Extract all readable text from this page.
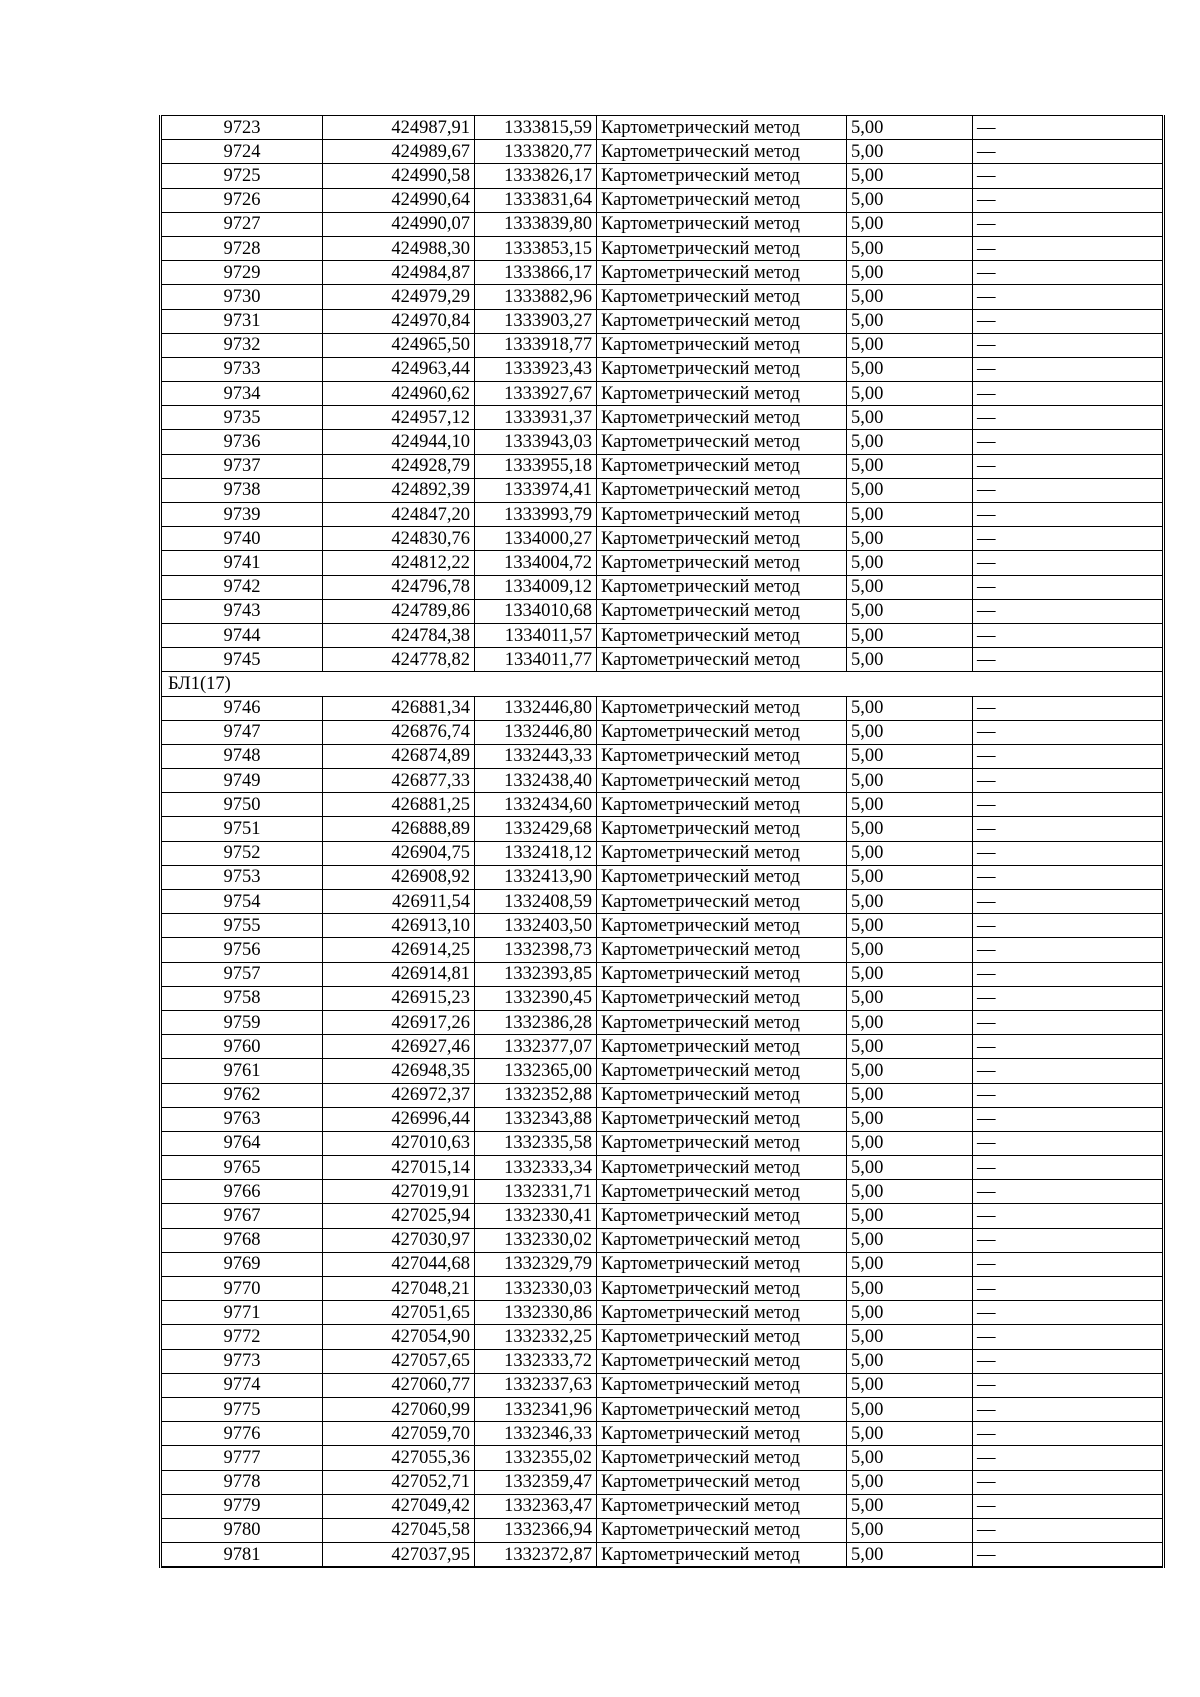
9723	424987,91	1333815,59	Картометрический метод	5,00	—
9724	424989,67	1333820,77	Картометрический метод	5,00	—
9725	424990,58	1333826,17	Картометрический метод	5,00	—
9726	424990,64	1333831,64	Картометрический метод	5,00	—
9727	424990,07	1333839,80	Картометрический метод	5,00	—
9728	424988,30	1333853,15	Картометрический метод	5,00	—
9729	424984,87	1333866,17	Картометрический метод	5,00	—
9730	424979,29	1333882,96	Картометрический метод	5,00	—
9731	424970,84	1333903,27	Картометрический метод	5,00	—
9732	424965,50	1333918,77	Картометрический метод	5,00	—
9733	424963,44	1333923,43	Картометрический метод	5,00	—
9734	424960,62	1333927,67	Картометрический метод	5,00	—
9735	424957,12	1333931,37	Картометрический метод	5,00	—
9736	424944,10	1333943,03	Картометрический метод	5,00	—
9737	424928,79	1333955,18	Картометрический метод	5,00	—
9738	424892,39	1333974,41	Картометрический метод	5,00	—
9739	424847,20	1333993,79	Картометрический метод	5,00	—
9740	424830,76	1334000,27	Картометрический метод	5,00	—
9741	424812,22	1334004,72	Картометрический метод	5,00	—
9742	424796,78	1334009,12	Картометрический метод	5,00	—
9743	424789,86	1334010,68	Картометрический метод	5,00	—
9744	424784,38	1334011,57	Картометрический метод	5,00	—
9745	424778,82	1334011,77	Картометрический метод	5,00	—
БЛ1(17)					
9746	426881,34	1332446,80	Картометрический метод	5,00	—
9747	426876,74	1332446,80	Картометрический метод	5,00	—
9748	426874,89	1332443,33	Картометрический метод	5,00	—
9749	426877,33	1332438,40	Картометрический метод	5,00	—
9750	426881,25	1332434,60	Картометрический метод	5,00	—
9751	426888,89	1332429,68	Картометрический метод	5,00	—
9752	426904,75	1332418,12	Картометрический метод	5,00	—
9753	426908,92	1332413,90	Картометрический метод	5,00	—
9754	426911,54	1332408,59	Картометрический метод	5,00	—
9755	426913,10	1332403,50	Картометрический метод	5,00	—
9756	426914,25	1332398,73	Картометрический метод	5,00	—
9757	426914,81	1332393,85	Картометрический метод	5,00	—
9758	426915,23	1332390,45	Картометрический метод	5,00	—
9759	426917,26	1332386,28	Картометрический метод	5,00	—
9760	426927,46	1332377,07	Картометрический метод	5,00	—
9761	426948,35	1332365,00	Картометрический метод	5,00	—
9762	426972,37	1332352,88	Картометрический метод	5,00	—
9763	426996,44	1332343,88	Картометрический метод	5,00	—
9764	427010,63	1332335,58	Картометрический метод	5,00	—
9765	427015,14	1332333,34	Картометрический метод	5,00	—
9766	427019,91	1332331,71	Картометрический метод	5,00	—
9767	427025,94	1332330,41	Картометрический метод	5,00	—
9768	427030,97	1332330,02	Картометрический метод	5,00	—
9769	427044,68	1332329,79	Картометрический метод	5,00	—
9770	427048,21	1332330,03	Картометрический метод	5,00	—
9771	427051,65	1332330,86	Картометрический метод	5,00	—
9772	427054,90	1332332,25	Картометрический метод	5,00	—
9773	427057,65	1332333,72	Картометрический метод	5,00	—
9774	427060,77	1332337,63	Картометрический метод	5,00	—
9775	427060,99	1332341,96	Картометрический метод	5,00	—
9776	427059,70	1332346,33	Картометрический метод	5,00	—
9777	427055,36	1332355,02	Картометрический метод	5,00	—
9778	427052,71	1332359,47	Картометрический метод	5,00	—
9779	427049,42	1332363,47	Картометрический метод	5,00	—
9780	427045,58	1332366,94	Картометрический метод	5,00	—
9781	427037,95	1332372,87	Картометрический метод	5,00	—
